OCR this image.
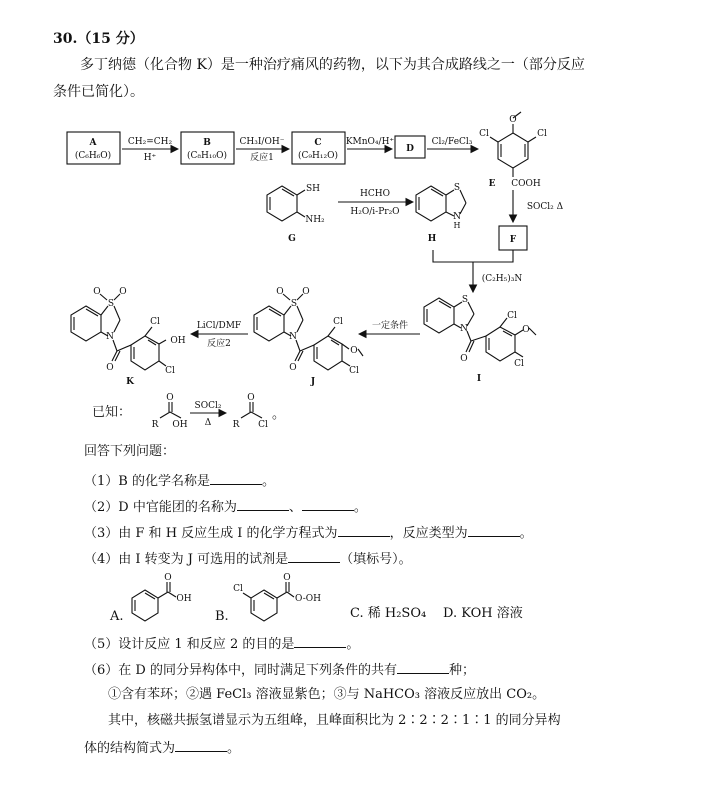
30.（15 分）
多丁纳德（化合物 K）是一种治疗痛风的药物，以下为其合成路线之一（部分反应
条件已简化）。
A
(C₆H₆O)
B
(C₈H₁₀O)
C
(C₉H₁₂O)
D
F
CH₂=CH₂
H⁺
CH₃I/OH⁻
反应1
KMnO₄/H⁺	Cl₂/FeCl₃
SOCl₂ Δ
HCHO
H₂O/i-Pr₂O
(C₂H₅)₃N
一定条件
LiCl/DMF
反应2
O
Cl	Cl
COOH
E
SH
NH₂
G
S
N
H
H
S
N
O
Cl
O
Cl
I
S
O O
N
O
Cl
O
Cl
J
S
O O
N
O
Cl
OH
Cl
K
O
R OH
SOCl₂
Δ
O
R Cl
O
OH
Cl
O
O-OH
已知：	。
回答下列问题：
（1）B 的化学名称是	。
（2）D 中官能团的名称为	、	。
（3）由 F 和 H 反应生成 I 的化学方程式为	，反应类型为	。
（4）由 I 转变为 J 可选用的试剂是	（填标号）。
A.	B.	C. 稀 H₂SO₄ D. KOH 溶液
（5）设计反应 1 和反应 2 的目的是	。
（6）在 D 的同分异构体中，同时满足下列条件的共有	种；
①含有苯环；②遇 FeCl₃ 溶液显紫色；③与 NaHCO₃ 溶液反应放出 CO₂。
其中，核磁共振氢谱显示为五组峰，且峰面积比为 2∶2∶2∶1∶1 的同分异构
体的结构简式为	。
